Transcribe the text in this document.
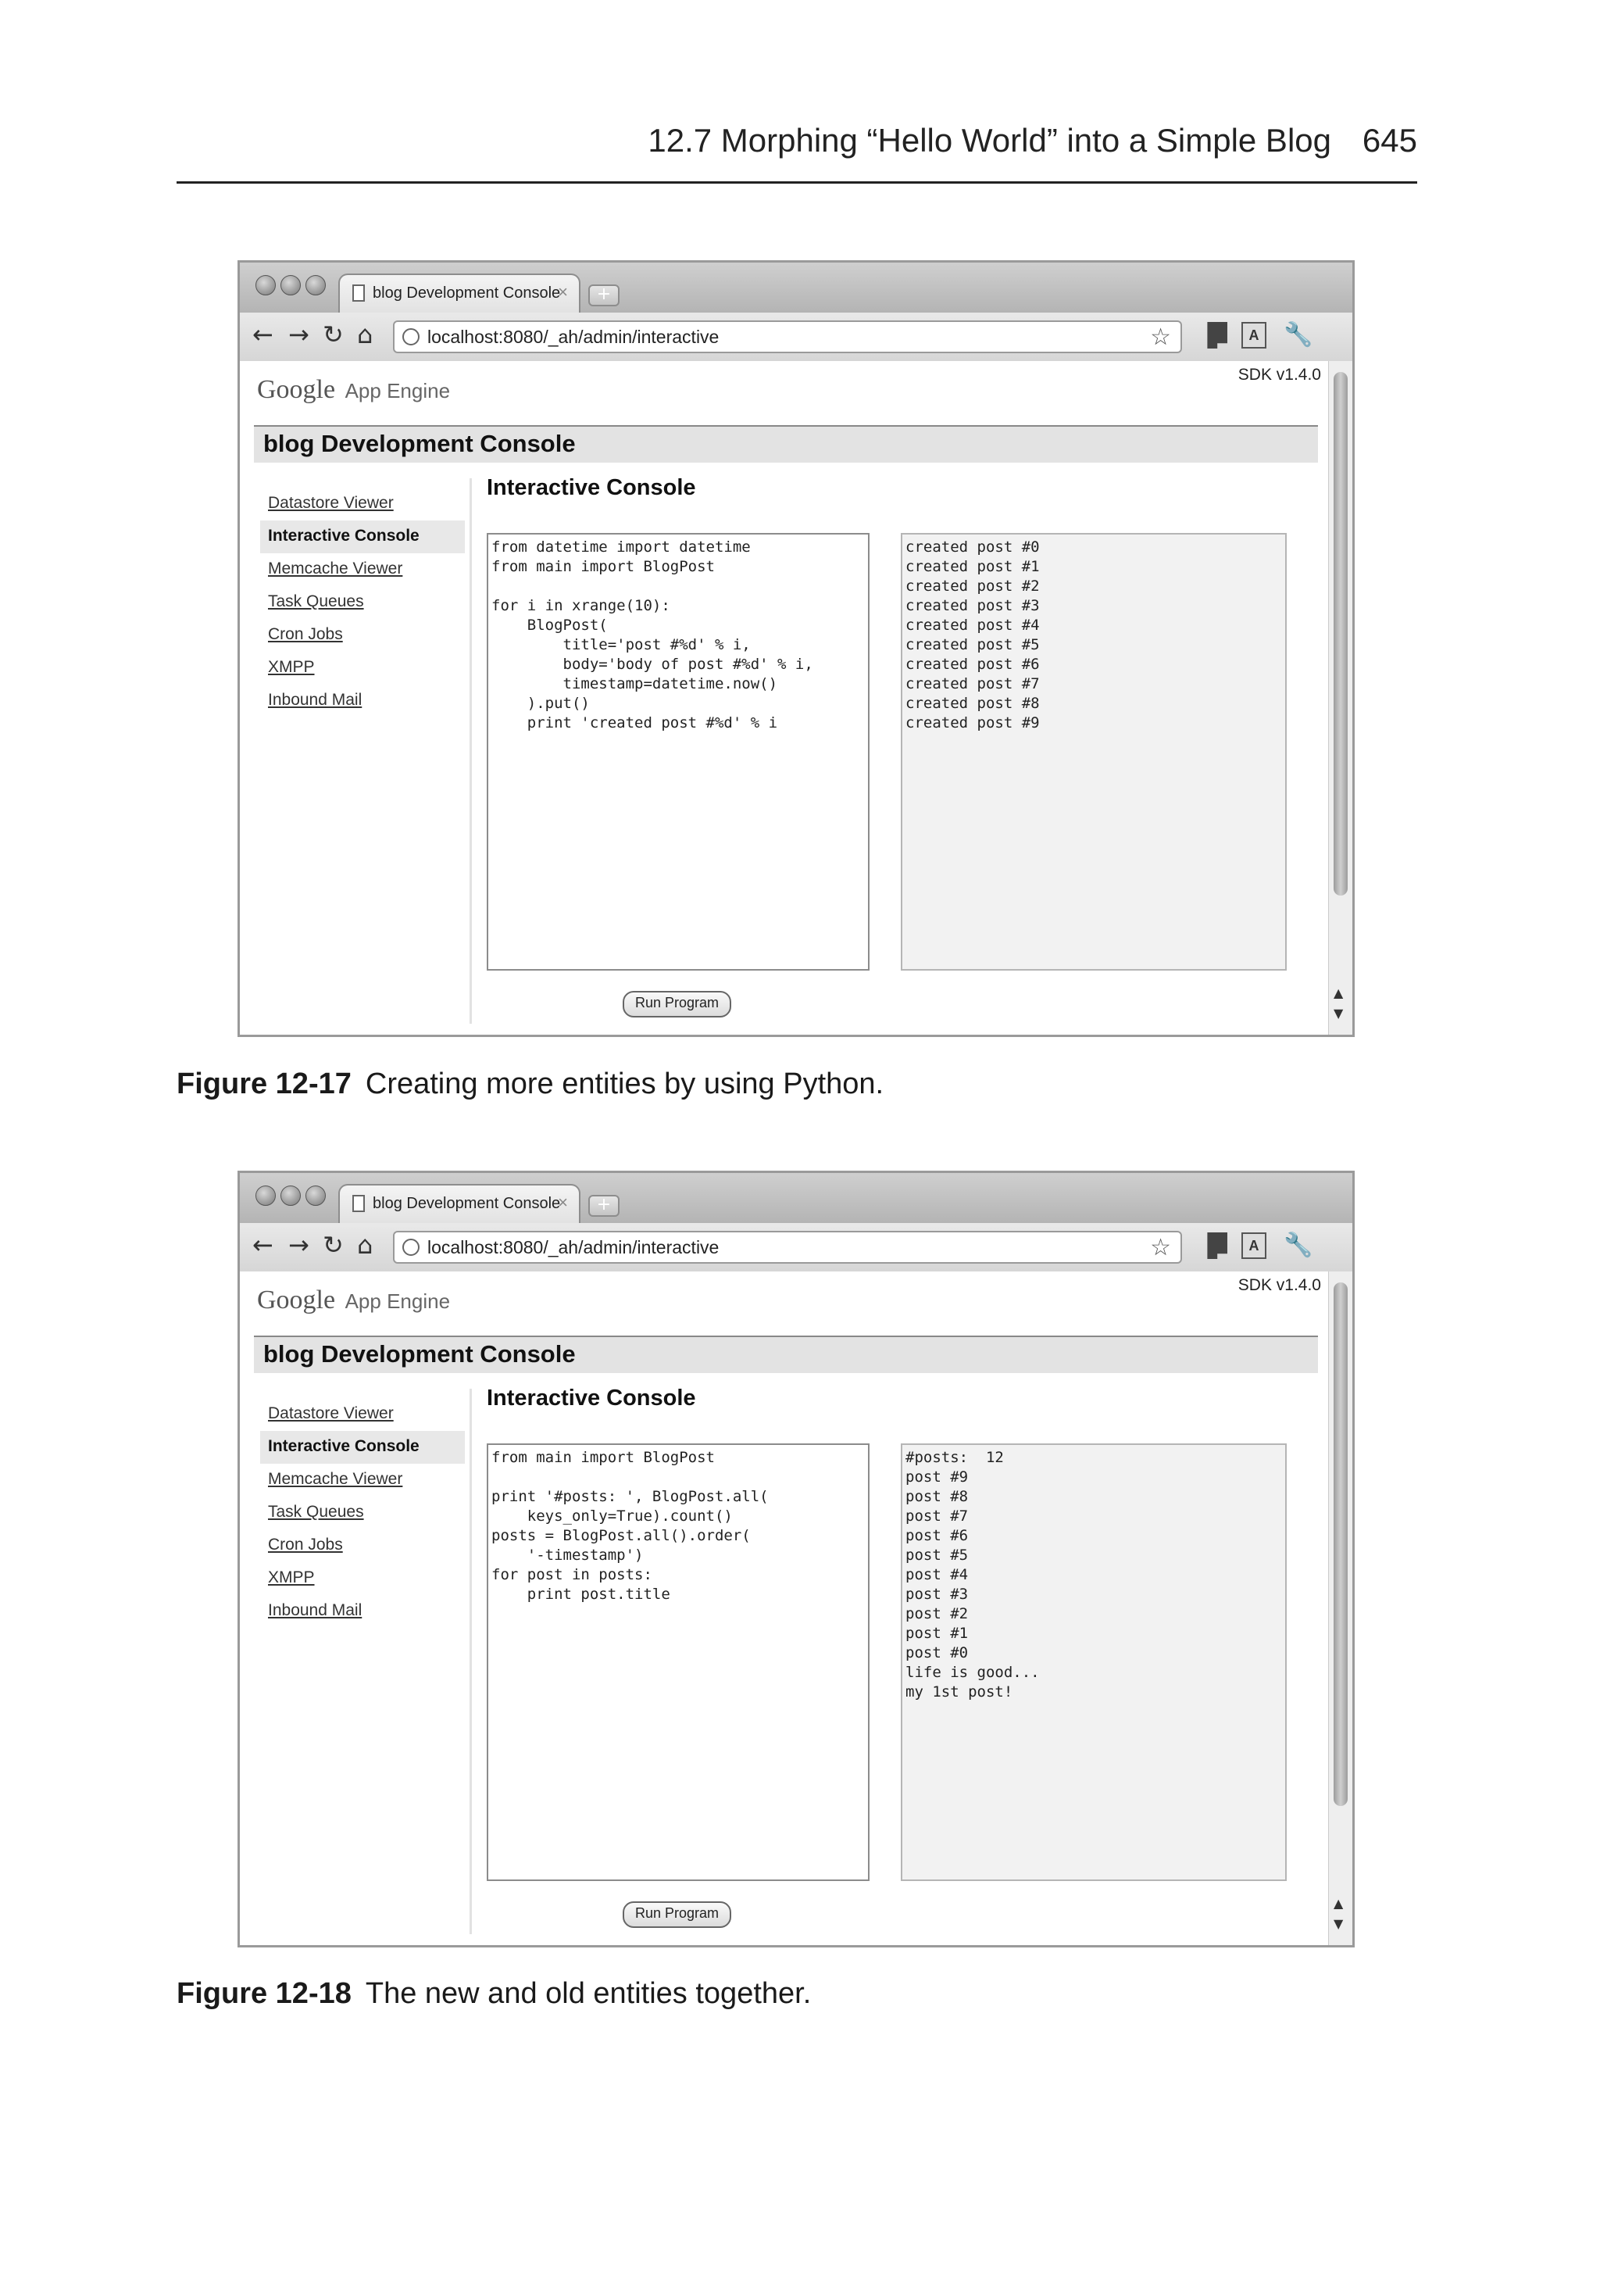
12.7 Morphing “Hello World” into a Simple Blog 645
blog Development Console
×	+
← → ↻ ⌂	localhost:8080/_ah/admin/interactive	☆	A	🔧
Google App Engine
SDK v1.4.0
blog Development Console
Datastore Viewer
Interactive Console
Memcache Viewer
Task Queues
Cron Jobs
XMPP
Inbound Mail
Interactive Console
from datetime import datetime
from main import BlogPost

for i in xrange(10):
BlogPost(
title='post #%d' % i,
body='body of post #%d' % i,
timestamp=datetime.now()
).put()
print 'created post #%d' % i
created post #0
created post #1
created post #2
created post #3
created post #4
created post #5
created post #6
created post #7
created post #8
created post #9
Run Program
▲
▼
Figure 12-17 Creating more entities by using Python.
blog Development Console
×	+
← → ↻ ⌂	localhost:8080/_ah/admin/interactive	☆	A	🔧
Google App Engine
SDK v1.4.0
blog Development Console
Datastore Viewer
Interactive Console
Memcache Viewer
Task Queues
Cron Jobs
XMPP
Inbound Mail
Interactive Console
from main import BlogPost

print '#posts: ', BlogPost.all(
keys_only=True).count()
posts = BlogPost.all().order(
'-timestamp')
for post in posts:
print post.title
#posts:  12
post #9
post #8
post #7
post #6
post #5
post #4
post #3
post #2
post #1
post #0
life is good...
my 1st post!
Run Program
▲
▼
Figure 12-18 The new and old entities together.
